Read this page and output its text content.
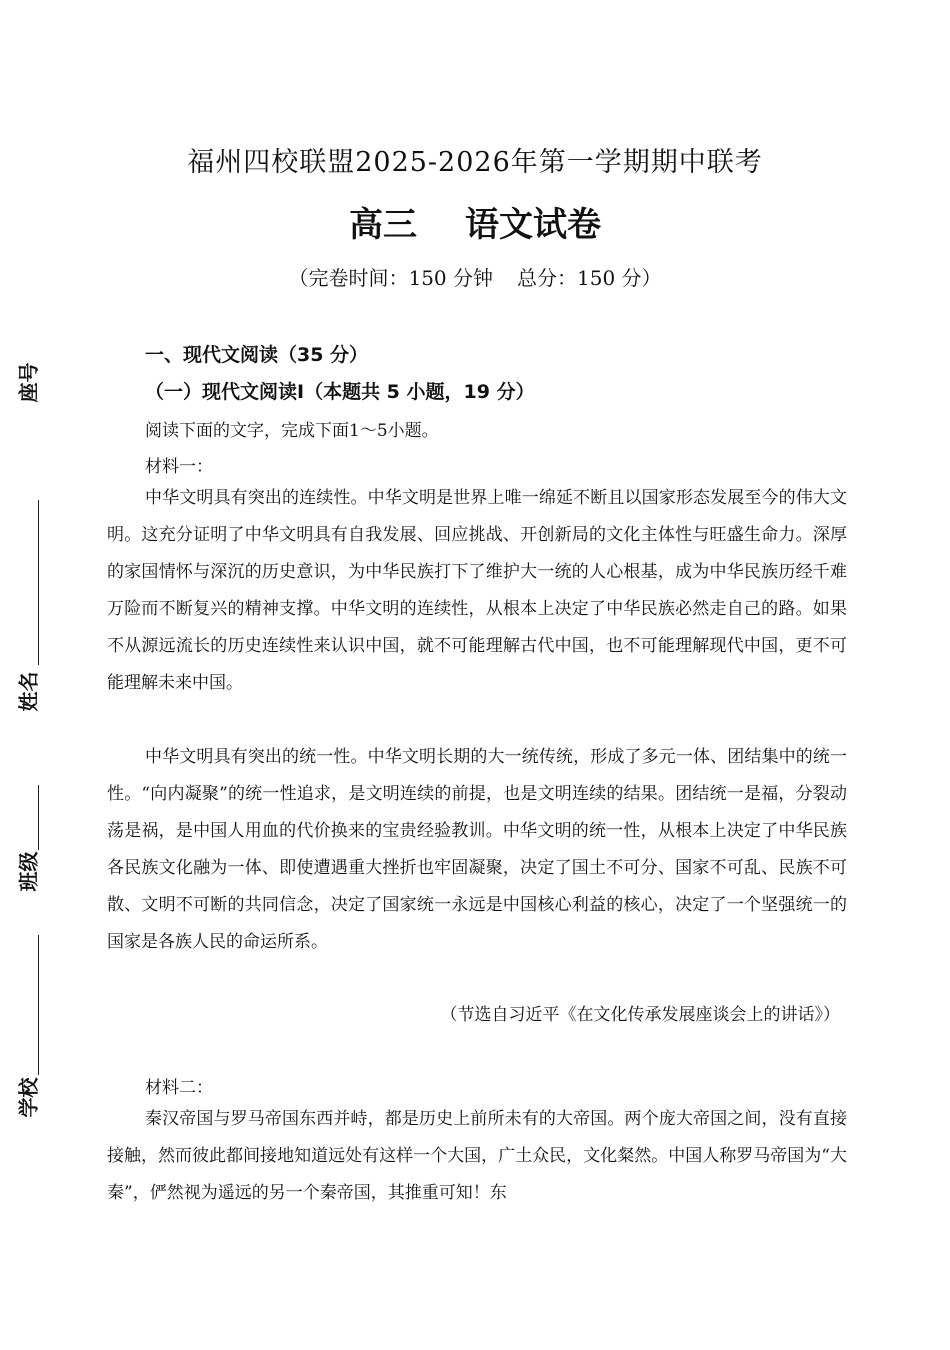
座号
姓名
班级
学校
福州四校联盟2025-2026年第一学期期中联考
高三 语文试卷
（完卷时间：150 分钟 总分：150 分）
一、现代文阅读（35 分）
（一）现代文阅读Ⅰ（本题共 5 小题，19 分）
阅读下面的文字，完成下面1～5小题。
材料一：

中华文明具有突出的连续性。中华文明是世界上唯一绵延不断且以国家形态发展至今的伟大文明。这充分证明了中华文明具有自我发展、回应挑战、开创新局的文化主体性与旺盛生命力。深厚的家国情怀与深沉的历史意识，为中华民族打下了维护大一统的人心根基，成为中华民族历经千难万险而不断复兴的精神支撑。中华文明的连续性，从根本上决定了中华民族必然走自己的路。如果不从源远流长的历史连续性来认识中国，就不可能理解古代中国，也不可能理解现代中国，更不可能理解未来中国。

中华文明具有突出的统一性。中华文明长期的大一统传统，形成了多元一体、团结集中的统一性。“向内凝聚”的统一性追求，是文明连续的前提，也是文明连续的结果。团结统一是福，分裂动荡是祸，是中国人用血的代价换来的宝贵经验教训。中华文明的统一性，从根本上决定了中华民族各民族文化融为一体、即使遭遇重大挫折也牢固凝聚，决定了国土不可分、国家不可乱、民族不可散、文明不可断的共同信念，决定了国家统一永远是中国核心利益的核心，决定了一个坚强统一的国家是各族人民的命运所系。

（节选自习近平《在文化传承发展座谈会上的讲话》）
材料二：

秦汉帝国与罗马帝国东西并峙，都是历史上前所未有的大帝国。两个庞大帝国之间，没有直接接触，然而彼此都间接地知道远处有这样一个大国，广土众民，文化粲然。中国人称罗马帝国为“大秦”，俨然视为遥远的另一个秦帝国，其推重可知！东
